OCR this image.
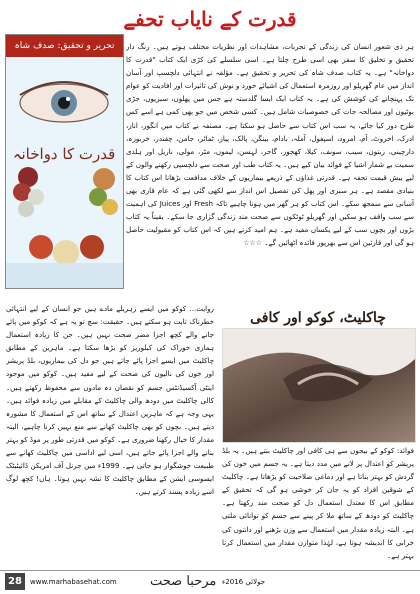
قدرت کے نایاب تحفے
تحریر و تحقیق: صدف شاہ
قدرت کا دواخانہ
ہر ذی شعور انسان کی زندگی کے تجربات، مشاہدات اور نظریات مختلف ہوتے ہیں۔ رنگ دار تحقیق و تخلیق کا سفر بھی اسی طرح چلتا ہے۔ اسی سلسلے کی کڑی ایک کتاب "قدرت کا دواخانہ" ہے۔ یہ کتاب صدف شاہ کی تحریر و تحقیق ہے۔ مؤلفہ نے انتہائی دلچسپ اور آسان انداز میں عام گھریلو اور روزمرہ استعمال کی اشیائے خورد و نوش کی تاثیرات اور افادیت کو عوام تک پہنچانے کی کوشش کی ہے۔ یہ کتاب ایک ایسا گلدستہ ہے جس میں پھلوں، سبزیوں، جڑی بوٹیوں اور مصالحہ جات کی خصوصیات شامل ہیں۔ کسی شخص میں جو بھی کمی ہے اسے کس طرح دور کیا جائے، یہ سب اس کتاب سے حاصل ہو سکتا ہے۔ مصنفہ نے کتاب میں انگور، انار، ادرک، اخروٹ، آم، امرود، اسپغول، آملہ، بادام، بینگن، پالک، پیاز، ٹماٹر، جامن، چقندر، خربوزہ، دارچینی، زیتون، سیب، سونف، کیلا، کھجور، گاجر، لہسن، لیموں، مٹر، مولی، ناریل اور ہلدی سمیت بے شمار اشیا کے فوائد بیان کیے ہیں۔ یہ کتاب طب اور صحت سے دلچسپی رکھنے والوں کے لیے بیش قیمت تحفہ ہے۔ قدرتی غذاؤں کے ذریعے بیماریوں کے خلاف مدافعت بڑھانا اس کتاب کا بنیادی مقصد ہے۔ ہر سبزی اور پھل کی تفصیل اس انداز سے لکھی گئی ہے کہ عام قاری بھی آسانی سے سمجھ سکے۔ اس کتاب کو ہر گھر میں ہونا چاہیے تاکہ Fresh اور Juices کی اہمیت سے سب واقف ہو سکیں اور گھریلو ٹوٹکوں سے صحت مند زندگی گزاری جا سکے۔ یقیناً یہ کتاب بڑوں اور بچوں سب کے لیے یکساں مفید ہے۔ ہم امید کرتے ہیں کہ اس کتاب کو مقبولیت حاصل ہو گی اور قارئین اس سے بھرپور فائدہ اٹھائیں گے۔ ☆☆☆
روایت... کوکو میں ایسے زہریلے مادے ہیں جو انسان کے لیے انتہائی خطرناک ثابت ہو سکتے ہیں۔ حقیقت: سچ تو یہ ہے کہ کوکو میں پائے جانے والے کچھ اجزا مضر صحت نہیں ہیں۔ جن کا زیادہ استعمال ہماری خوراک کی کیلوریز کو بڑھا سکتا ہے۔ ماہرین کے مطابق چاکلیٹ میں ایسے اجزا پائے جاتے ہیں جو دل کی بیماریوں، بلڈ پریشر اور خون کی نالیوں کی صحت کے لیے مفید ہیں۔ کوکو میں موجود اینٹی آکسیڈنٹس جسم کو نقصان دہ مادوں سے محفوظ رکھتے ہیں۔ کالی چاکلیٹ میں دودھ والی چاکلیٹ کے مقابلے میں زیادہ فوائد ہیں۔ یہی وجہ ہے کہ ماہرین اعتدال کے ساتھ اس کے استعمال کا مشورہ دیتے ہیں۔ بچوں کو بھی چاکلیٹ کھانے سے منع نہیں کرنا چاہیے، البتہ مقدار کا خیال رکھنا ضروری ہے۔ کوکو میں قدرتی طور پر موڈ کو بہتر بنانے والے اجزا پائے جاتے ہیں، اسی لیے اداسی میں چاکلیٹ کھانے سے طبیعت خوشگوار ہو جاتی ہے۔ 1999ء میں جرنل آف امریکن ڈائیٹیٹک ایسوسی ایشن کے مطابق چاکلیٹ کا نشہ نہیں ہوتا۔ ہاں! کچھ لوگ اسے زیادہ پسند کرتے ہیں۔
چاکلیٹ، کوکو اور کافی
فوائد: کوکو کے بیجوں سے ہی کافی اور چاکلیٹ بنتے ہیں۔ یہ بلڈ پریشر کو اعتدال پر لانے میں مدد دیتا ہے۔ یہ جسم میں خون کی گردش کو بہتر بناتا ہے اور دماغی صلاحیت کو بڑھاتا ہے۔ چاکلیٹ کے شوقین افراد کو یہ جان کر خوشی ہو گی کہ تحقیق کے مطابق اس کا معتدل استعمال دل کو صحت مند رکھتا ہے۔ چاکلیٹ کو دودھ کے ساتھ ملا کر پینے سے جسم کو توانائی ملتی ہے۔ البتہ زیادہ مقدار میں استعمال سے وزن بڑھنے اور دانتوں کی خرابی کا اندیشہ ہوتا ہے، لہٰذا متوازن مقدار میں استعمال کرنا بہتر ہے۔
28	www.marhabasehat.com	مرحبا صحت جولائی 2016ء
